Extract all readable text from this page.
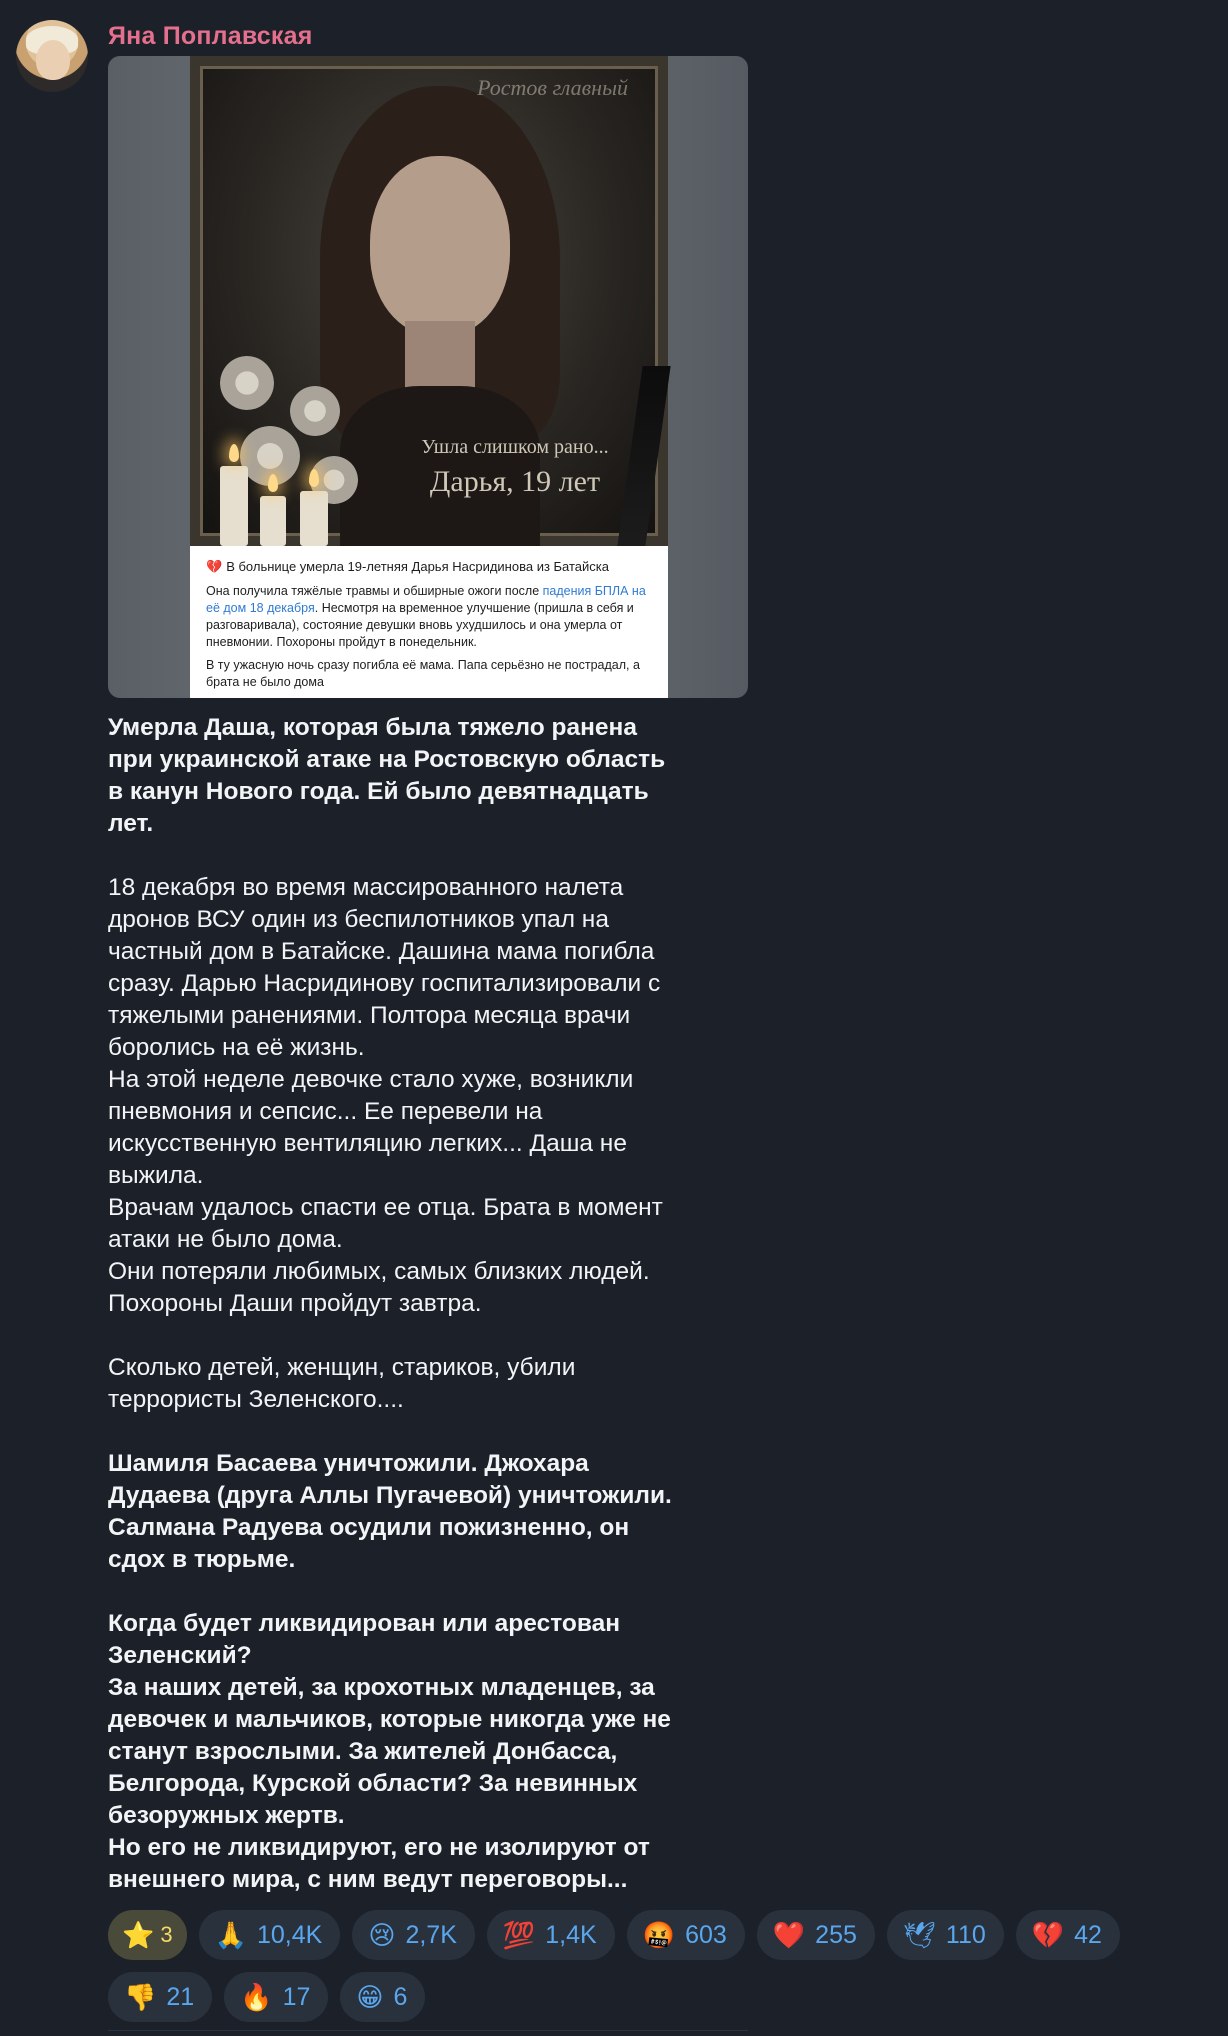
Яна Поплавская
Ростов главный
Ушла слишком рано...
Дарья, 19 лет
💔 В больнице умерла 19-летняя Дарья Насридинова из Батайска

Она получила тяжёлые травмы и обширные ожоги после падения БПЛА на её дом 18 декабря. Несмотря на временное улучшение (пришла в себя и разговаривала), состояние девушки вновь ухудшилось и она умерла от пневмонии. Похороны пройдут в понедельник.

В ту ужасную ночь сразу погибла её мама. Папа серьёзно не пострадал, а брата не было дома

Умерла Даша, которая была тяжело ранена
при украинской атаке на Ростовскую область
в канун Нового года. Ей было девятнадцать
лет.

18 декабря во время массированного налета
дронов ВСУ один из беспилотников упал на
частный дом в Батайске. Дашина мама погибла
сразу. Дарью Насридинову госпитализировали с
тяжелыми ранениями. Полтора месяца врачи
боролись на её жизнь.
На этой неделе девочке стало хуже, возникли
пневмония и сепсис... Ее перевели на
искусственную вентиляцию легких... Даша не
выжила.
Врачам удалось спасти ее отца. Брата в момент
атаки не было дома.
Они потеряли любимых, самых близких людей.
Похороны Даши пройдут завтра.

Сколько детей, женщин, стариков, убили
террористы Зеленского....

Шамиля Басаева уничтожили. Джохара
Дудаева (друга Аллы Пугачевой) уничтожили.
Салмана Радуева осудили пожизненно, он
сдох в тюрьме.

Когда будет ликвидирован или арестован
Зеленский?
За наших детей, за крохотных младенцев, за
девочек и мальчиков, которые никогда уже не
станут взрослыми. За жителей Донбасса,
Белгорода, Курской области? За невинных
безоружных жертв.
Но его не ликвидируют, его не изолируют от
внешнего мира, с ним ведут переговоры...

⭐ 3 🙏 10,4K 😢 2,7K 💯 1,4K 🤬 603 ❤️ 255 🕊 110 💔 42
👎 21 🔥 17 😁 6
